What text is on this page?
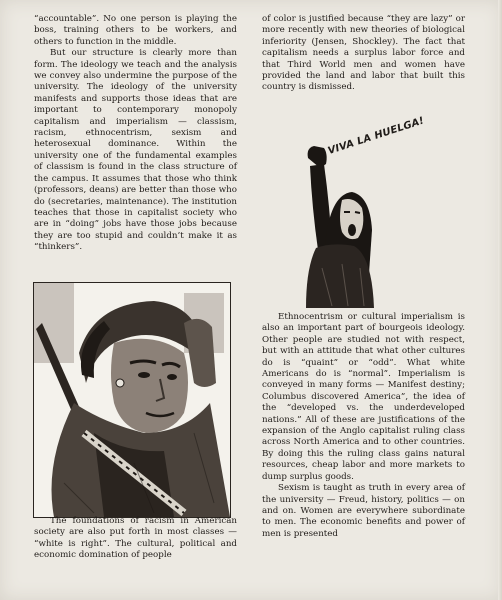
“accountable”. No one person is playing the boss, training others to be workers, and others to function in the middle.

But our structure is clearly more than form. The ideology we teach and the analysis we convey also undermine the purpose of the university. The ideology of the university manifests and supports those ideas that are important to contemporary monopoly capitalism and imperialism — classism, racism, ethnocentrism, sexism and heterosexual dominance. Within the university one of the fundamental examples of classism is found in the class structure of the campus. It assumes that those who think (professors, deans) are better than those who do (secretaries, maintenance). The institution teaches that those in capitalist society who are in “doing” jobs have those jobs because they are too stupid and couldn’t make it as “thinkers”.

The foundations of racism in American society are also put forth in most classes — “white is right”. The cultural, political and economic domination of people

of color is justified because “they are lazy” or more recently with new theories of biological inferiority (Jensen, Shockley). The fact that capitalism needs a surplus labor force and that Third World men and women have provided the land and labor that built this country is dismissed.

VIVA LA HUELGA!

Ethnocentrism or cultural imperialism is also an important part of bourgeois ideology. Other people are studied not with respect, but with an attitude that what other cultures do is “quaint” or “odd”. What white Americans do is “normal”. Imperialism is conveyed in many forms — Manifest destiny; Columbus discovered America”, the idea of the “developed vs. the underdeveloped nations.” All of these are justifications of the expansion of the Anglo capitalist ruling class across North America and to other countries. By doing this the ruling class gains natural resources, cheap labor and more markets to dump surplus goods.

Sexism is taught as truth in every area of the university — Freud, history, politics — on and on. Women are everywhere subordinate to men. The economic benefits and power of men is presented
